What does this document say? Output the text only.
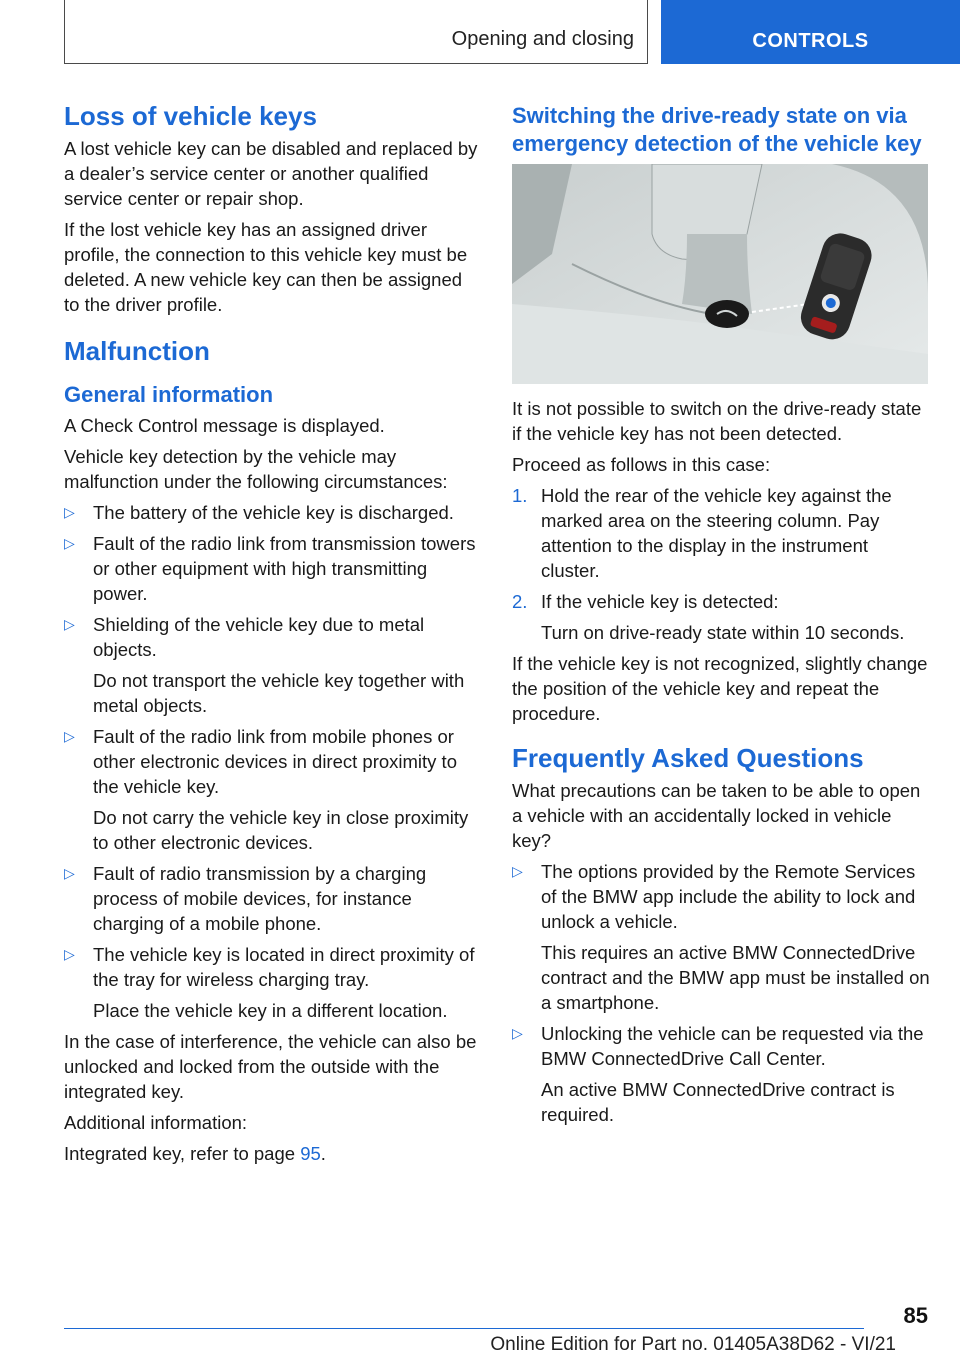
Opening and closing	CONTROLS
Loss of vehicle keys

A lost vehicle key can be disabled and replaced by a dealer’s service center or another qualified service center or repair shop.

If the lost vehicle key has an assigned driver profile, the connection to this vehicle key must be deleted. A new vehicle key can then be assigned to the driver profile.

Malfunction
General information

A Check Control message is displayed.

Vehicle key detection by the vehicle may malfunction under the following circumstances:

▷ The battery of the vehicle key is discharged.
▷ Fault of the radio link from transmission towers or other equipment with high transmitting power.
▷ Shielding of the vehicle key due to metal objects.
Do not transport the vehicle key together with metal objects.
▷ Fault of the radio link from mobile phones or other electronic devices in direct proximity to the vehicle key.
Do not carry the vehicle key in close proximity to other electronic devices.
▷ Fault of radio transmission by a charging process of mobile devices, for instance charging of a mobile phone.
▷ The vehicle key is located in direct proximity of the tray for wireless charging tray.
Place the vehicle key in a different location.

In the case of interference, the vehicle can also be unlocked and locked from the outside with the integrated key.

Additional information:

Integrated key, refer to page 95.

Switching the drive-ready state on via emergency detection of the vehicle key

It is not possible to switch on the drive-ready state if the vehicle key has not been detected.

Proceed as follows in this case:

1. Hold the rear of the vehicle key against the marked area on the steering column. Pay attention to the display in the instrument cluster.
2. If the vehicle key is detected:
Turn on drive-ready state within 10 seconds.

If the vehicle key is not recognized, slightly change the position of the vehicle key and repeat the procedure.

Frequently Asked Questions

What precautions can be taken to be able to open a vehicle with an accidentally locked in vehicle key?

▷ The options provided by the Remote Services of the BMW app include the ability to lock and unlock a vehicle.
This requires an active BMW ConnectedDrive contract and the BMW app must be installed on a smartphone.
▷ Unlocking the vehicle can be requested via the BMW ConnectedDrive Call Center.
An active BMW ConnectedDrive contract is required.
85
Online Edition for Part no. 01405A38D62 - VI/21
